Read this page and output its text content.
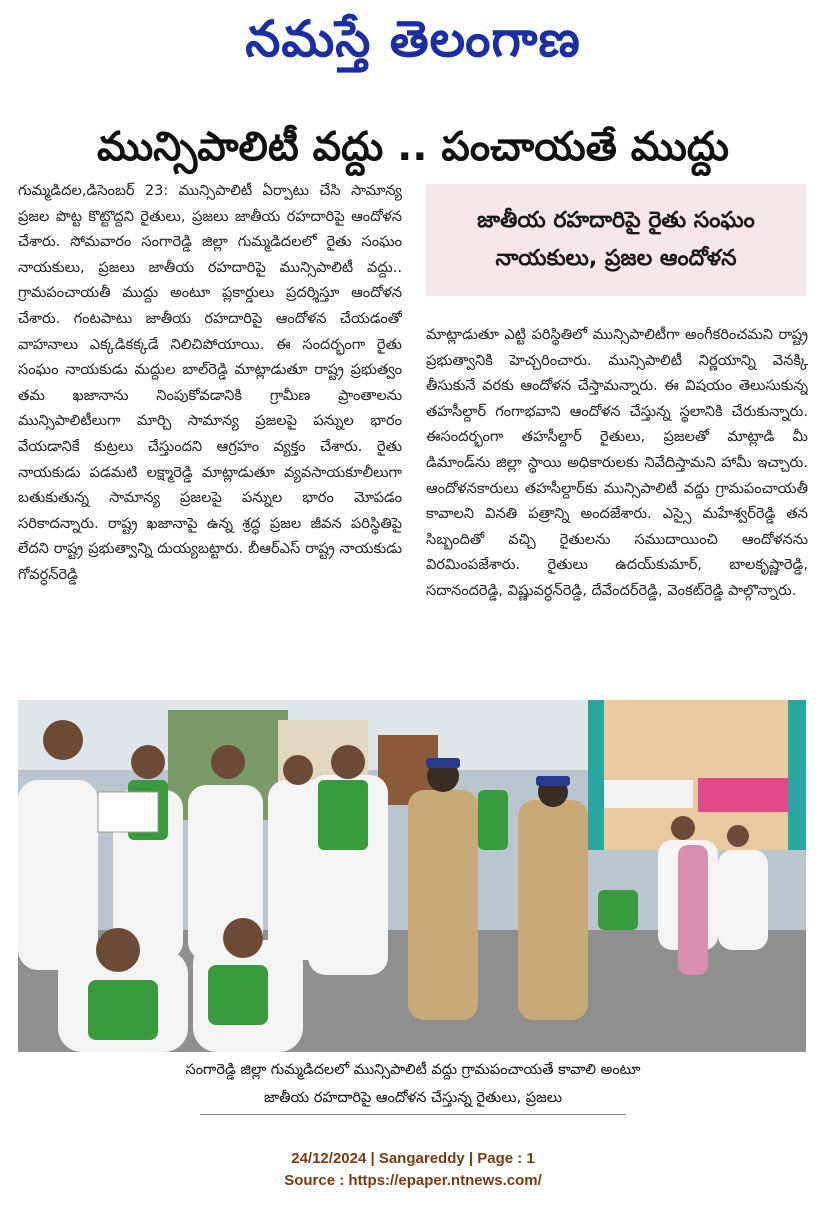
నమస్తే తెలంగాణ
మున్సిపాలిటీ వద్దు .. పంచాయతే ముద్దు

గుమ్మడిదల,డిసెంబర్ 23: మున్సిపాలిటీ ఏర్పాటు చేసి సామాన్య ప్రజల పొట్ట కొట్టొద్దని రైతులు, ప్రజలు జాతీయ రహదారిపై ఆందోళన చేశారు. సోమవారం సంగారెడ్డి జిల్లా గుమ్మడిదలలో రైతు సంఘం నాయకులు, ప్రజలు జాతీయ రహదారిపై మున్సిపాలిటీ వద్దు.. గ్రామపంచాయతీ ముద్దు అంటూ ప్లకార్డులు ప్రదర్శిస్తూ ఆందోళన చేశారు. గంటపాటు జాతీయ రహదారిపై ఆందోళన చేయడంతో వాహనాలు ఎక్కడికక్కడే నిలిచిపోయాయి. ఈ సందర్భంగా రైతు సంఘం నాయకుడు మద్దుల బాల్‌రెడ్డి మాట్లాడుతూ రాష్ట్ర ప్రభుత్వం తమ ఖజానాను నింపుకోవడానికి గ్రామీణ ప్రాంతాలను మున్సిపాలిటీలుగా మార్చి సామాన్య ప్రజలపై పన్నుల భారం వేయడానికే కుట్రలు చేస్తుందని ఆగ్రహం వ్యక్తం చేశారు. రైతు నాయకుడు పడమటి లక్ష్మారెడ్డి మాట్లాడుతూ వ్యవసాయకూలీలుగా బతుకుతున్న సామాన్య ప్రజలపై పన్నుల భారం మోపడం సరికాదన్నారు. రాష్ట్ర ఖజానాపై ఉన్న శ్రద్ధ ప్రజల జీవన పరిస్థితిపై లేదని రాష్ట్ర ప్రభుత్వాన్ని దుయ్యబట్టారు. బీఆర్‌ఎస్ రాష్ట్ర నాయకుడు గోవర్ధన్‌రెడ్డి

జాతీయ రహదారిపై రైతు సంఘం నాయకులు, ప్రజల ఆందోళన

మాట్లాడుతూ ఎట్టి పరిస్థితిలో మున్సిపాలిటీగా అంగీకరించమని రాష్ట్ర ప్రభుత్వానికి హెచ్చరించారు. మున్సిపాలిటీ నిర్ణయాన్ని వెనక్కి తీసుకునే వరకు ఆందోళన చేస్తామన్నారు. ఈ విషయం తెలుసుకున్న తహసీల్దార్ గంగాభవాని ఆందోళన చేస్తున్న స్థలానికి చేరుకున్నారు. ఈసందర్భంగా తహసీల్దార్ రైతులు, ప్రజలతో మాట్లాడి మీ డిమాండ్‌ను జిల్లా స్థాయి అధికారులకు నివేదిస్తామని హామీ ఇచ్చారు. ఆందోళనకారులు తహసీల్దార్‌కు మున్సిపాలిటీ వద్దు గ్రామపంచాయతీ కావాలని వినతి పత్రాన్ని అందజేశారు. ఎస్సై మహేశ్వర్‌రెడ్డి తన సిబ్బందితో వచ్చి రైతులను సముదాయించి ఆందోళనను విరమింపజేశారు. రైతులు ఉదయ్‌కుమార్, బాలకృష్ణారెడ్డి, సదానందరెడ్డి, విష్ణువర్ధన్‌రెడ్డి, దేవేందర్‌రెడ్డి, వెంకట్‌రెడ్డి పాల్గొన్నారు.

సంగారెడ్డి జిల్లా గుమ్మడిదలలో మున్సిపాలిటీ వద్దు గ్రామపంచాయతే కావాలి అంటూ
జాతీయ రహదారిపై ఆందోళన చేస్తున్న రైతులు, ప్రజలు
24/12/2024 | Sangareddy | Page : 1
Source : https://epaper.ntnews.com/
